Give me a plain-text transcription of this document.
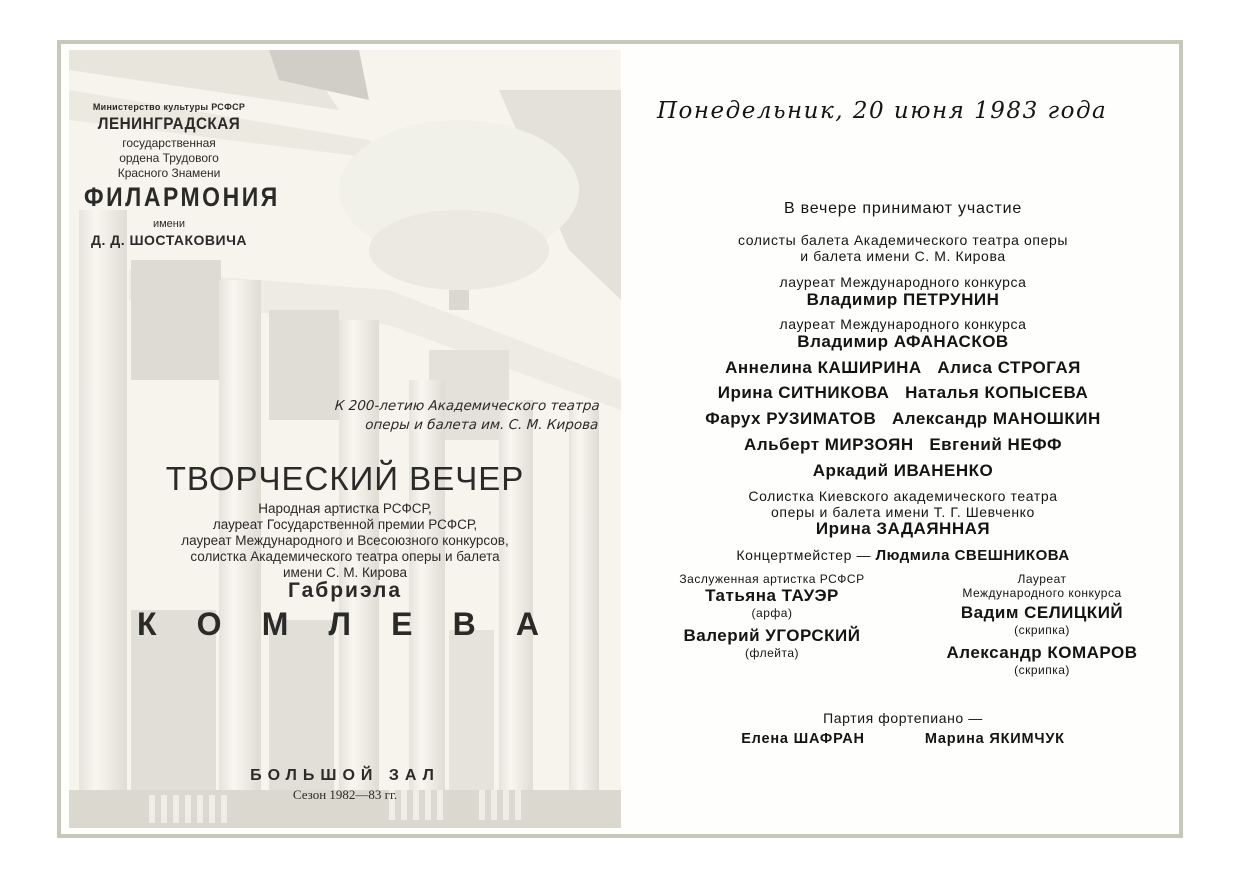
Министерство культуры РСФСР
ЛЕНИНГРАДСКАЯ
государственная
ордена Трудового
Красного Знамени
ФИЛАРМОНИЯ
имени
Д. Д. ШОСТАКОВИЧА
К 200-летию Академического театра
оперы и балета им. С. М. Кирова
ТВОРЧЕСКИЙ ВЕЧЕР
Народная артистка РСФСР,
лауреат Государственной премии РСФСР,
лауреат Международного и Всесоюзного конкурсов,
солистка Академического театра оперы и балета
имени С. М. Кирова
Габриэла
К О М Л Е В А
БОЛЬШОЙ ЗАЛ
Сезон 1982—83 гг.
Понедельник, 20 июня 1983 года
В вечере принимают участие
солисты балета Академического театра оперы
и балета имени С. М. Кирова
лауреат Международного конкурса
Владимир ПЕТРУНИН
лауреат Международного конкурса
Владимир АФАНАСКОВ
Аннелина КАШИРИНА   Алиса СТРОГАЯ
Ирина СИТНИКОВА   Наталья КОПЫСЕВА
Фарух РУЗИМАТОВ   Александр МАНОШКИН
Альберт МИРЗОЯН   Евгений НЕФФ
Аркадий ИВАНЕНКО
Солистка Киевского академического театра
оперы и балета имени Т. Г. Шевченко
Ирина ЗАДАЯННАЯ
Концертмейстер — Людмила СВЕШНИКОВА
Заслуженная артистка РСФСР
Татьяна ТАУЭР
(арфа)
Валерий УГОРСКИЙ
(флейта)
Лауреат
Международного конкурса
Вадим СЕЛИЦКИЙ
(скрипка)
Александр КОМАРОВ
(скрипка)
Партия фортепиано —
Елена ШАФРАН	Марина ЯКИМЧУК
